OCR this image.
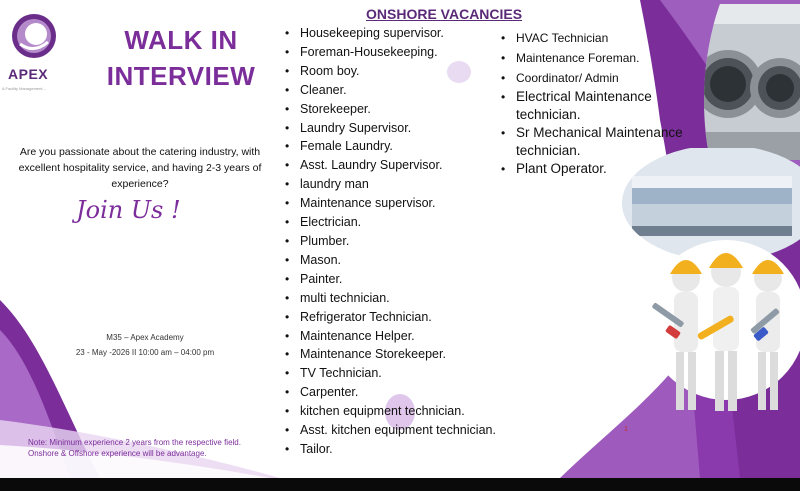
APEX
A Facility Management...
WALK IN
INTERVIEW
Are you passionate about the catering industry, with excellent hospitality service, and having 2-3 years of experience?
Join Us !
M35 – Apex Academy
23 - May -2026 II 10:00 am – 04:00 pm
Note: Minimum experience 2 years from the respective field. Onshore & Offshore experience will be advantage.
ONSHORE VACANCIES
• Housekeeping supervisor.
• Foreman-Housekeeping.
• Room boy.
• Cleaner.
• Storekeeper.
• Laundry Supervisor.
• Female Laundry.
• Asst. Laundry Supervisor.
• laundry man
• Maintenance supervisor.
• Electrician.
• Plumber.
• Mason.
• Painter.
• multi technician.
• Refrigerator Technician.
• Maintenance Helper.
• Maintenance Storekeeper.
• TV Technician.
• Carpenter.
• kitchen equipment technician.
• Asst. kitchen equipment technician.
• Tailor.
• HVAC Technician
• Maintenance Foreman.
• Coordinator/ Admin
• Electrical Maintenance technician.
• Sr Mechanical Maintenance technician.
• Plant Operator.
1
